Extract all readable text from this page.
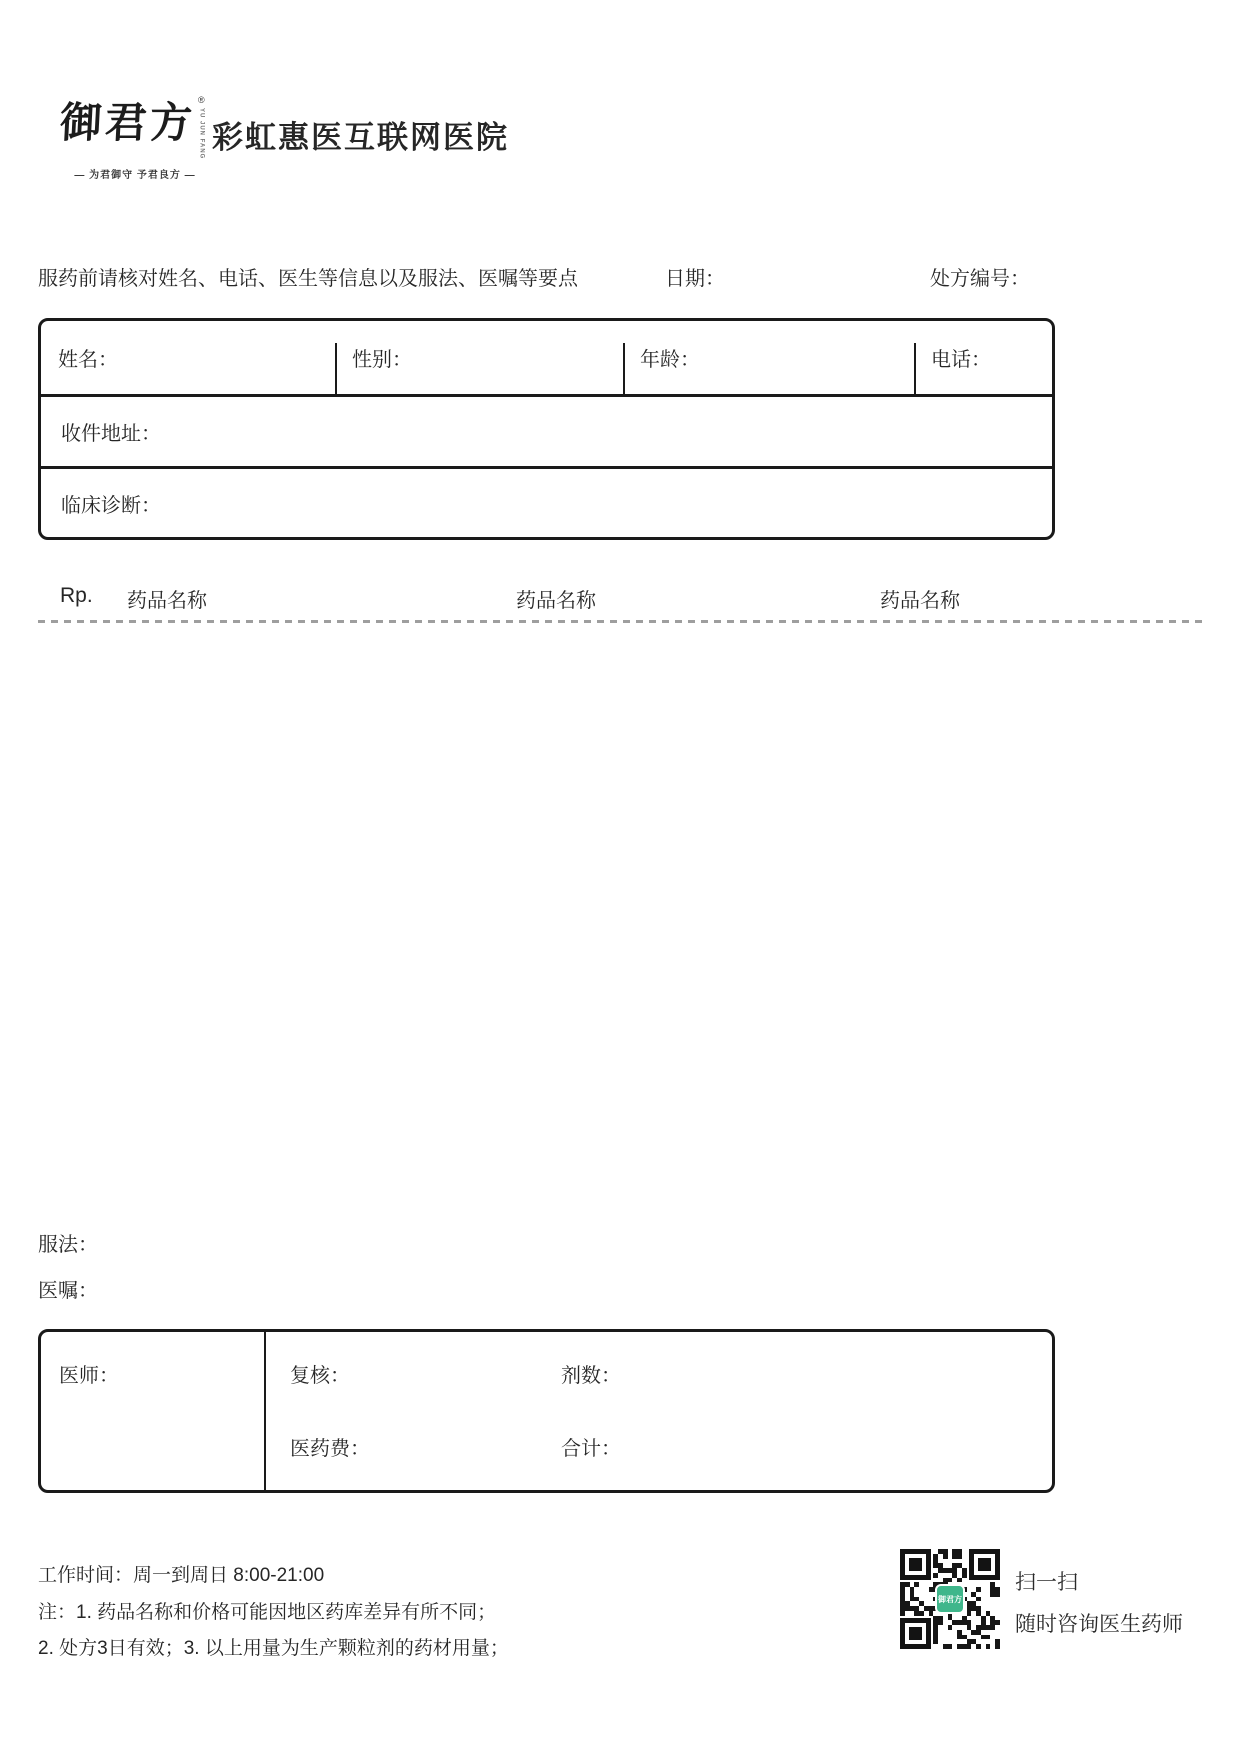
御君方 ®
YU JUN FANG
— 为君御守 予君良方 —
彩虹惠医互联网医院
服药前请核对姓名、电话、医生等信息以及服法、医嘱等要点	日期：	处方编号：
姓名：	性别：	年龄：	电话：
收件地址：
临床诊断：
Rp. 药品名称	药品名称	药品名称
服法：
医嘱：
医师：	复核：	剂数：
医药费：	合计：
工作时间：周一到周日 8:00-21:00
注：1. 药品名称和价格可能因地区药库差异有所不同；
2. 处方3日有效；3. 以上用量为生产颗粒剂的药材用量；
御君方
扫一扫
随时咨询医生药师
